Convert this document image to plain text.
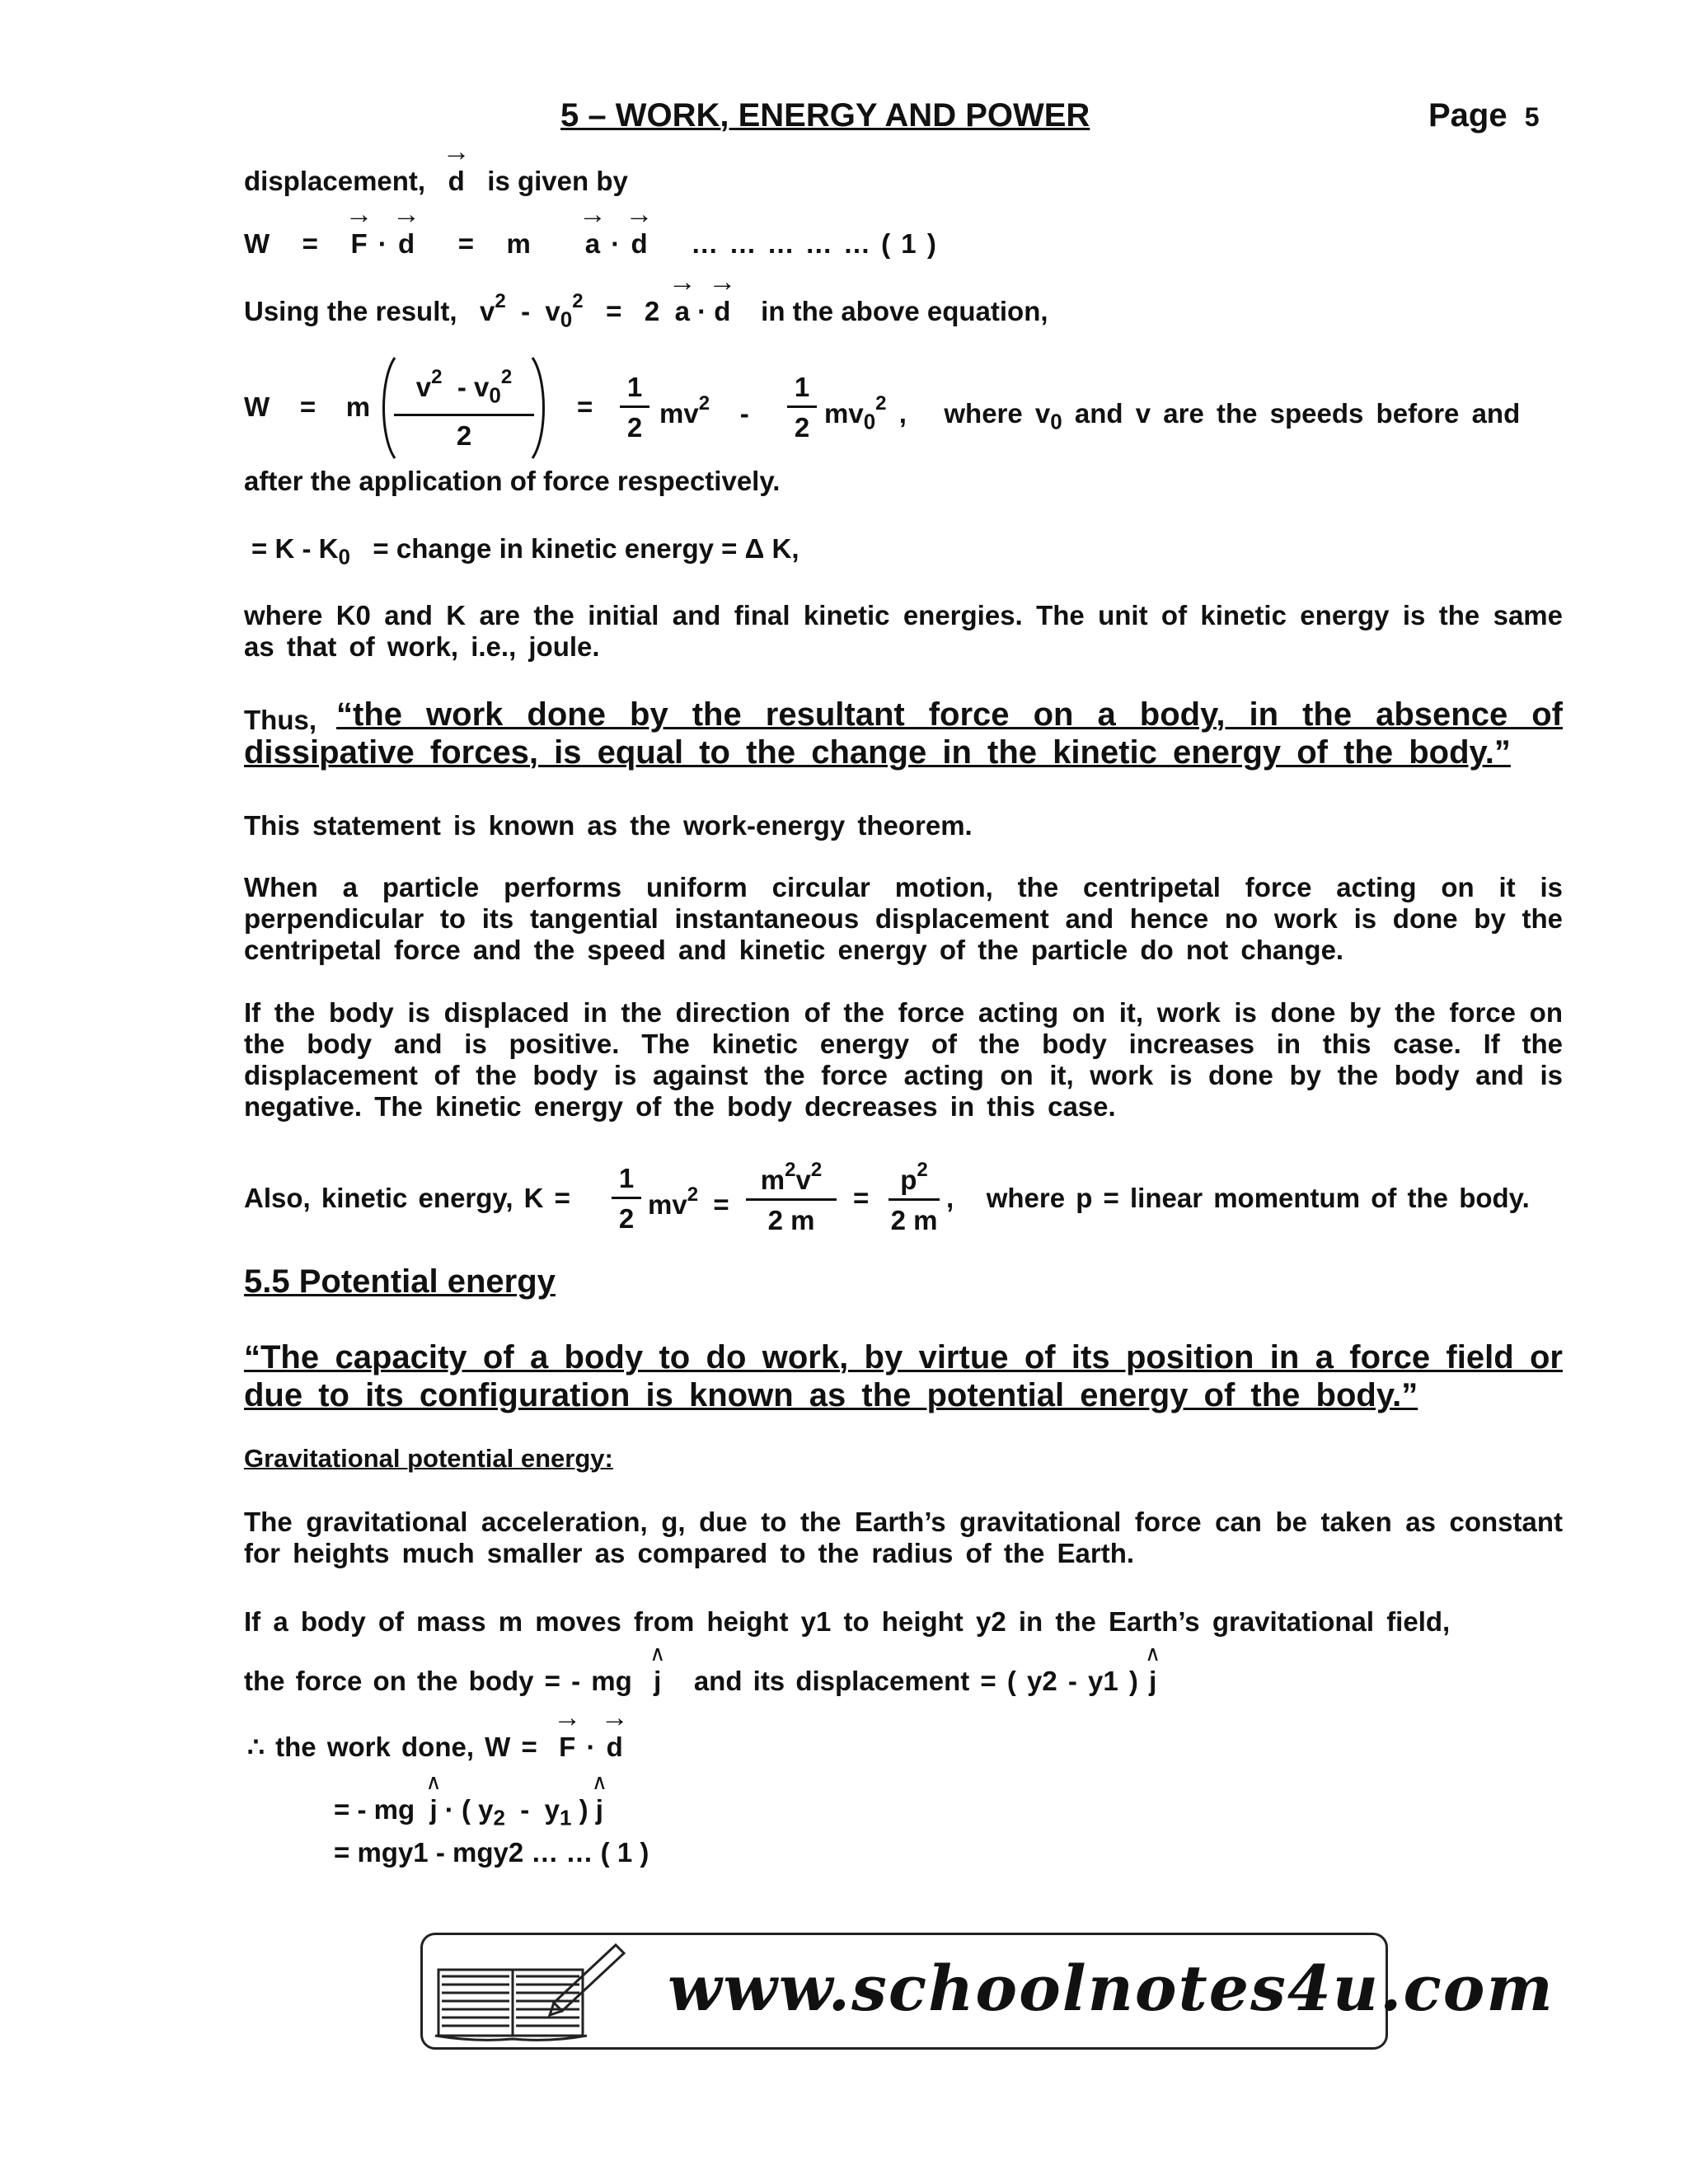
5 – WORK, ENERGY AND POWER	Page 5
displacement, → d is given by
W   =   → F · → d    =   m     → a · → d … … … … … ( 1 )
Using the result,   $v^2 - v_0^2 = 2 \to a$ · → d in the above equation,
W    =    m $\frac{v^2 - v_0^2}{2} = \frac{1}{2} mv^2$    - $\frac{1}{2} mv_0^2$ ,   where $v_0$ and v are the speeds before and
after the application of force respectively.
= K - $K_0$ = change in kinetic energy = Δ K,
where K0 and K are the initial and final kinetic energies. The unit of kinetic energy is the same as that of work, i.e., joule.
Thus, “the work done by the resultant force on a body, in the absence of dissipative forces, is equal to the change in the kinetic energy of the body.”
This statement is known as the work-energy theorem.
When a particle performs uniform circular motion, the centripetal force acting on it is perpendicular to its tangential instantaneous displacement and hence no work is done by the centripetal force and the speed and kinetic energy of the particle do not change.
If the body is displaced in the direction of the force acting on it, work is done by the force on the body and is positive. The kinetic energy of the body increases in this case. If the displacement of the body is against the force acting on it, work is done by the body and is negative. The kinetic energy of the body decreases in this case.
Also, kinetic energy, $K = \frac{1}{2} mv^2 = \frac{m^2v^2}{2 m} = \frac{p^2}{2 m}$ ,   where p = linear momentum of the body.
5.5 Potential energy
“The capacity of a body to do work, by virtue of its position in a force field or due to its configuration is known as the potential energy of the body.”
Gravitational potential energy:
The gravitational acceleration, g, due to the Earth’s gravitational force can be taken as constant for heights much smaller as compared to the radius of the Earth.
If a body of mass m moves from height y1 to height y2 in the Earth’s gravitational field,
the force on the body = - mg ∧ j and its displacement = ( y2 - y1 ) ∧ j
∴ the work done, W = → F · → d
= - mg ∧ j · ( $y_2 - y_1$ ) ∧ j
= mgy1 - mgy2 … … ( 1 )
www.schoolnotes4u.com
